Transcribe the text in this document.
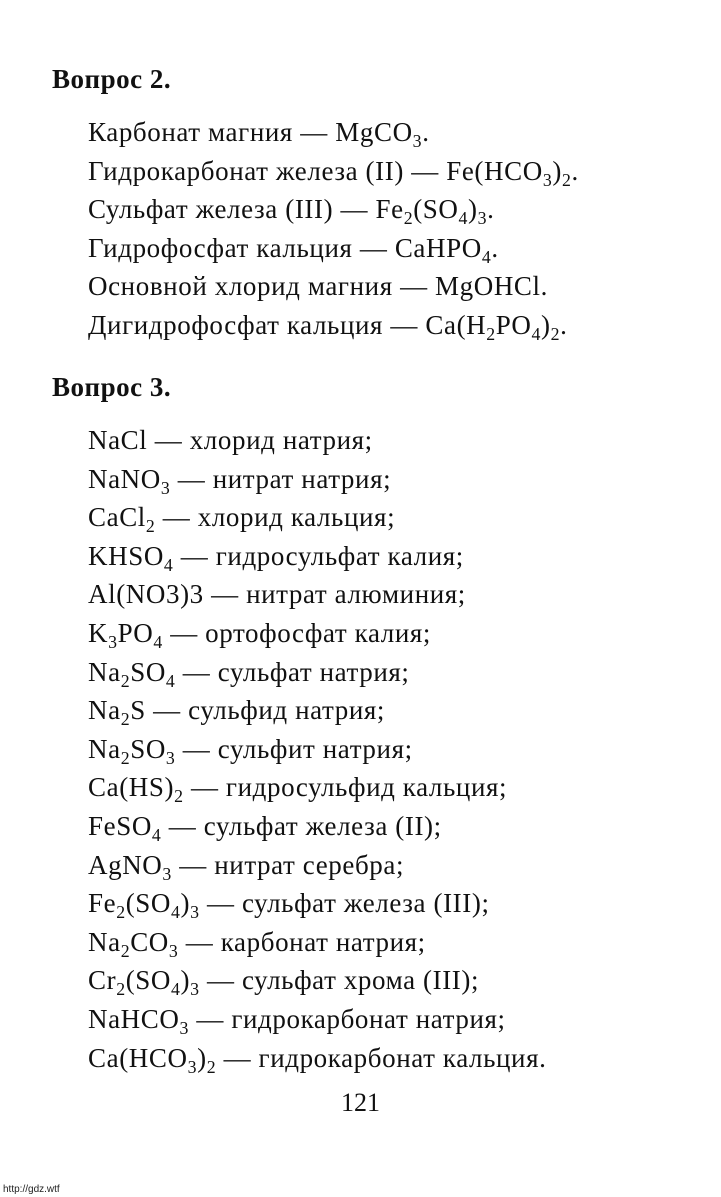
Вопрос 2.
Карбонат магния — MgCO$_3$.
Гидрокарбонат железа (II) — $Fe(HCO_3)_2$.
Сульфат железа (III) — $Fe_2(SO_4)_3$.
Гидрофосфат кальция — CaHPO$_4$.
Основной хлорид магния — MgOHCl.
Дигидрофосфат кальция — $Ca(H_2PO_4)_2$.
Вопрос 3.
NaCl — хлорид натрия;
NaNO$_3$ — нитрат натрия;
CaCl$_2$ — хлорид кальция;
$KHSO_4$ — гидросульфат калия;
Al(NO3)3 — нитрат алюминия;
$K_3PO_4$ — ортофосфат калия;
$Na_2SO_4$ — сульфат натрия;
$Na_2S$ — сульфид натрия;
$Na_2SO_3$ — сульфит натрия;
$Ca(HS)_2$ — гидросульфид кальция;
FeSO$_4$ — сульфат железа (II);
AgNO$_3$ — нитрат серебра;
$Fe_2(SO_4)_3$ — сульфат железа (III);
$Na_2CO_3$ — карбонат натрия;
$Cr_2(SO_4)_3$ — сульфат хрома (III);
NaHCO$_3$ — гидрокарбонат натрия;
$Ca(HCO_3)_2$ — гидрокарбонат кальция.
121
http://gdz.wtf
